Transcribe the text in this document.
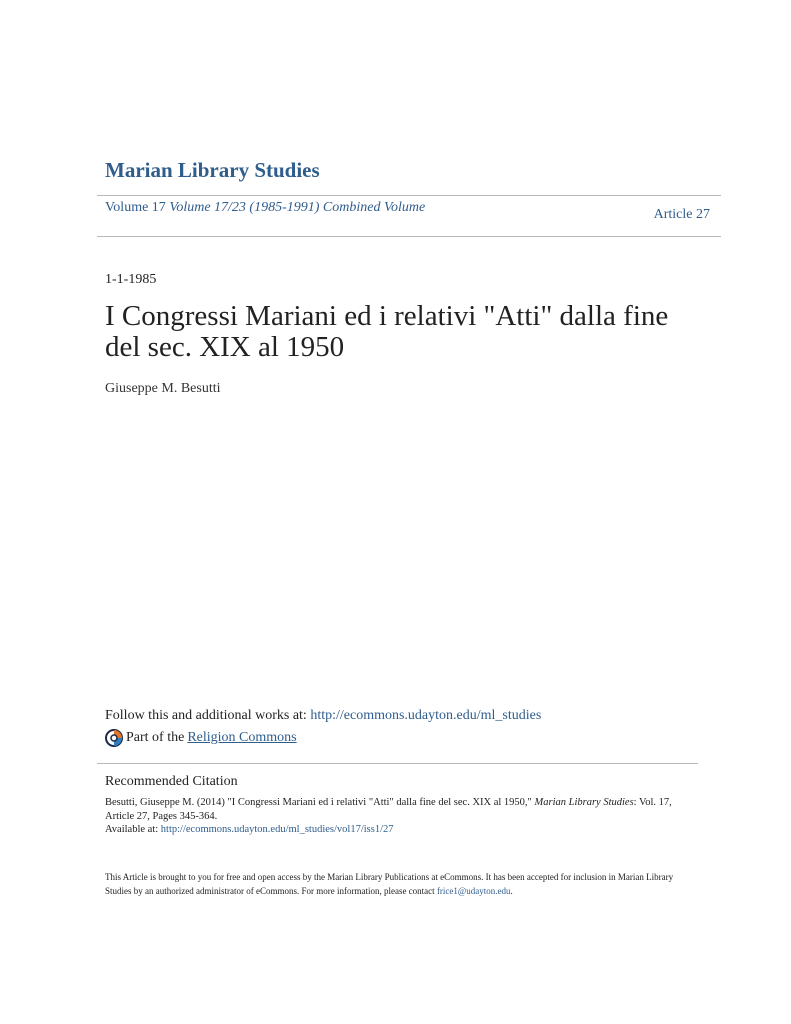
Marian Library Studies
Volume 17 Volume 17/23 (1985-1991) Combined Volume	Article 27
1-1-1985
I Congressi Mariani ed i relativi "Atti" dalla fine del sec. XIX al 1950
Giuseppe M. Besutti
Follow this and additional works at: http://ecommons.udayton.edu/ml_studies
Part of the Religion Commons
Recommended Citation
Besutti, Giuseppe M. (2014) "I Congressi Mariani ed i relativi "Atti" dalla fine del sec. XIX al 1950," Marian Library Studies: Vol. 17, Article 27, Pages 345-364.
Available at: http://ecommons.udayton.edu/ml_studies/vol17/iss1/27
This Article is brought to you for free and open access by the Marian Library Publications at eCommons. It has been accepted for inclusion in Marian Library Studies by an authorized administrator of eCommons. For more information, please contact frice1@udayton.edu.
